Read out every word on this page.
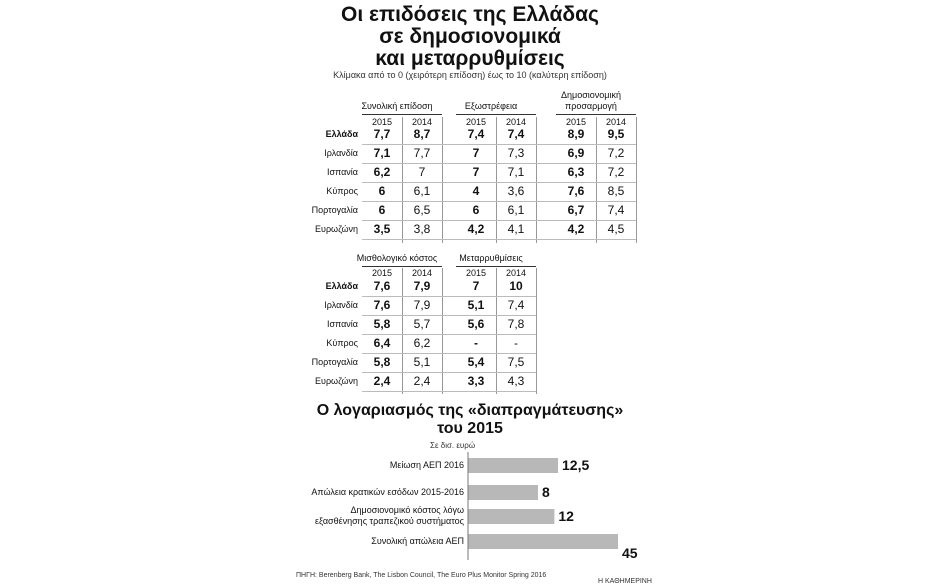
Οι επιδόσεις της Ελλάδας
σε δημοσιονομικά
και μεταρρυθμίσεις
Κλίμακα από το 0 (χειρότερη επίδοση) έως το 10 (καλύτερη επίδοση)
Συνολική επίδοση
2015	2014
Εξωστρέφεια
2015	2014
Δημοσιονομική
προσαρμογή
2015	2014
Ελλάδα	7,7	8,7	7,4	7,4	8,9	9,5
Ιρλανδία	7,1	7,7	7	7,3	6,9	7,2
Ισπανία	6,2	7	7	7,1	6,3	7,2
Κύπρος	6	6,1	4	3,6	7,6	8,5
Πορτογαλία	6	6,5	6	6,1	6,7	7,4
Ευρωζώνη	3,5	3,8	4,2	4,1	4,2	4,5
Μισθολογικό κόστος
2015	2014
Μεταρρυθμίσεις
2015	2014
Ελλάδα	7,6	7,9	7	10
Ιρλανδία	7,6	7,9	5,1	7,4
Ισπανία	5,8	5,7	5,6	7,8
Κύπρος	6,4	6,2	-	-
Πορτογαλία	5,8	5,1	5,4	7,5
Ευρωζώνη	2,4	2,4	3,3	4,3
Ο λογαριασμός της «διαπραγμάτευσης»
του 2015
Σε δισ. ευρώ
12,5
8
12
45
Μείωση ΑΕΠ 2016
Απώλεια κρατικών εσόδων 2015-2016
Δημοσιονομικό κόστος λόγω
εξασθένησης τραπεζικού συστήματος
Συνολική απώλεια ΑΕΠ
ΠΗΓΗ: Berenberg Bank, The Lisbon Council, The Euro Plus Monitor Spring 2016
Η ΚΑΘΗΜΕΡΙΝΗ
